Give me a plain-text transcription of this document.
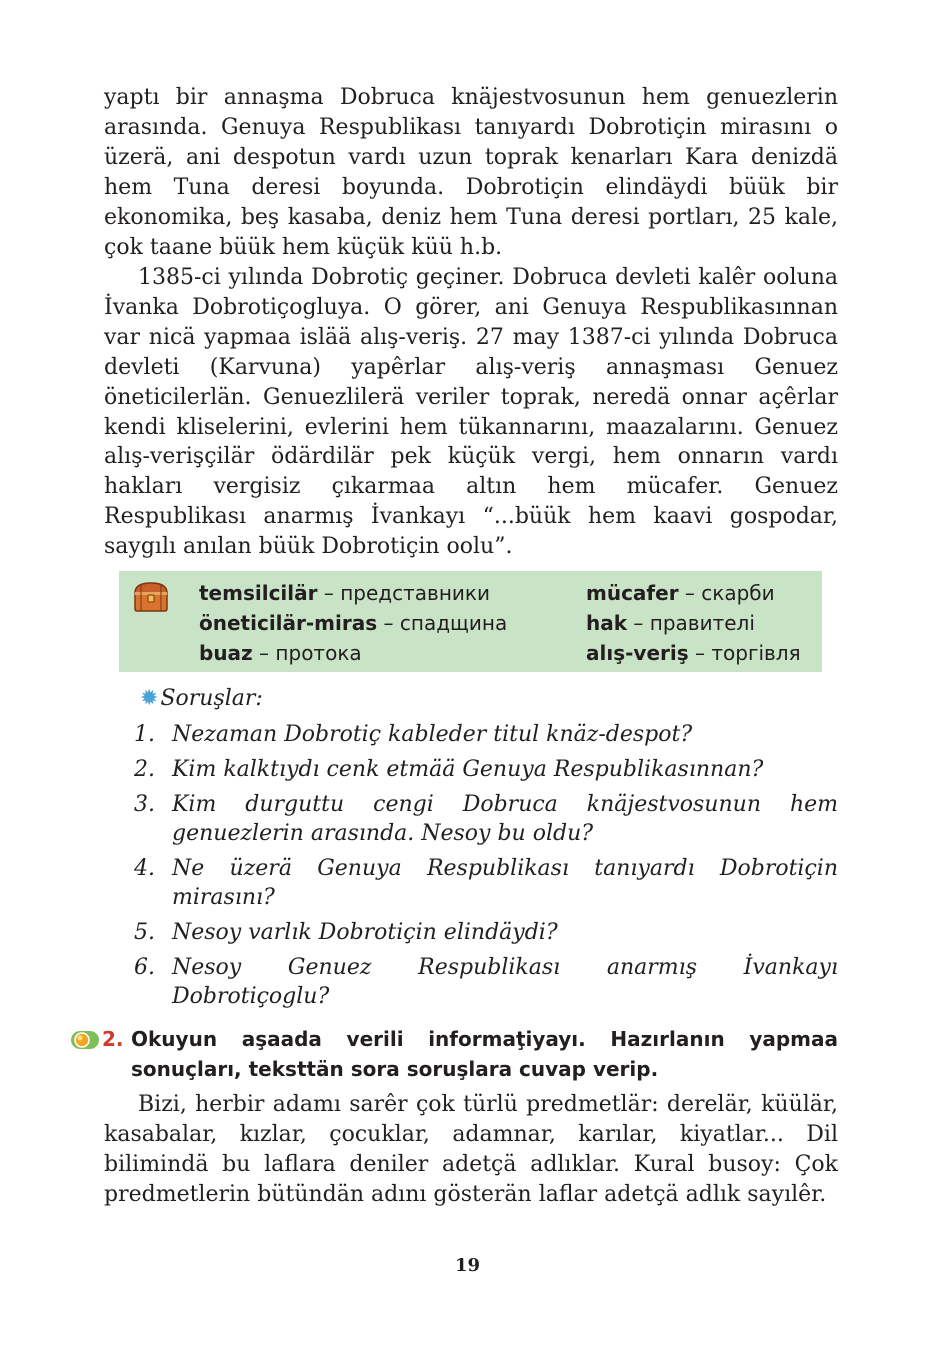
yaptı bir annaşma Dobruca knäjestvosunun hem genuezlerin arasında. Genuya Respublikası tanıyardı Dobrotiçin mirasını o üzerä, ani despotun vardı uzun toprak kenarları Kara denizdä hem Tuna deresi boyunda. Dobrotiçin elindäydi büük bir ekonomika, beş kasaba, deniz hem Tuna deresi portları, 25 kale, çok taane büük hem küçük küü h.b.

1385-ci yılında Dobrotiç geçiner. Dobruca devleti kalêr ooluna İvanka Dobrotiçogluya. O görer, ani Genuya Respublikasınnan var nicä yapmaa islää alış-veriş. 27 may 1387-ci yılında Dobruca devleti (Karvuna) yapêrlar alış-veriş annaşması Genuez öneticilerlän. Genuezlilerä veriler toprak, neredä onnar açêrlar kendi kliselerini, evlerini hem tükannarını, maazalarını. Genuez alış-verişçilär ödärdilär pek küçük vergi, hem onnarın vardı hakları vergisiz çıkarmaa altın hem mücafer. Genuez Respublikası anarmış İvankayı “...büük hem kaavi gospodar, saygılı anılan büük Dobrotiçin oolu”.

temsilcilär – представники
öneticilär-miras – спадщина
buaz – протока
mücafer – скарби
hak – правителі
alış-veriş – торгівля
✹Soruşlar:
1. Nezaman Dobrotiç kableder titul knäz-despot?
2. Kim kalktıydı cenk etmää Genuya Respublikasınnan?
3. Kim durguttu cengi Dobruca knäjestvosunun hem genuezlerin arasında. Nesoy bu oldu?
4. Ne üzerä Genuya Respublikası tanıyardı Dobrotiçin mirasını?
5. Nesoy varlık Dobrotiçin elindäydi?
6. Nesoy Genuez Respublikası anarmış İvankayı Dobrotiçoglu?
2. Okuyun aşaada verili informaţiyayı. Hazırlanın yapmaa sonuçları, teksttän sora soruşlara cuvap verip.

Bizi, herbir adamı sarêr çok türlü predmetlär: derelär, küülär, kasabalar, kızlar, çocuklar, adamnar, karılar, kiyatlar... Dil bilimindä bu laflara deniler adetçä adlıklar. Kural busoy: Çok predmetlerin bütündän adını gösterän laflar adetçä adlık sayılêr.

19
